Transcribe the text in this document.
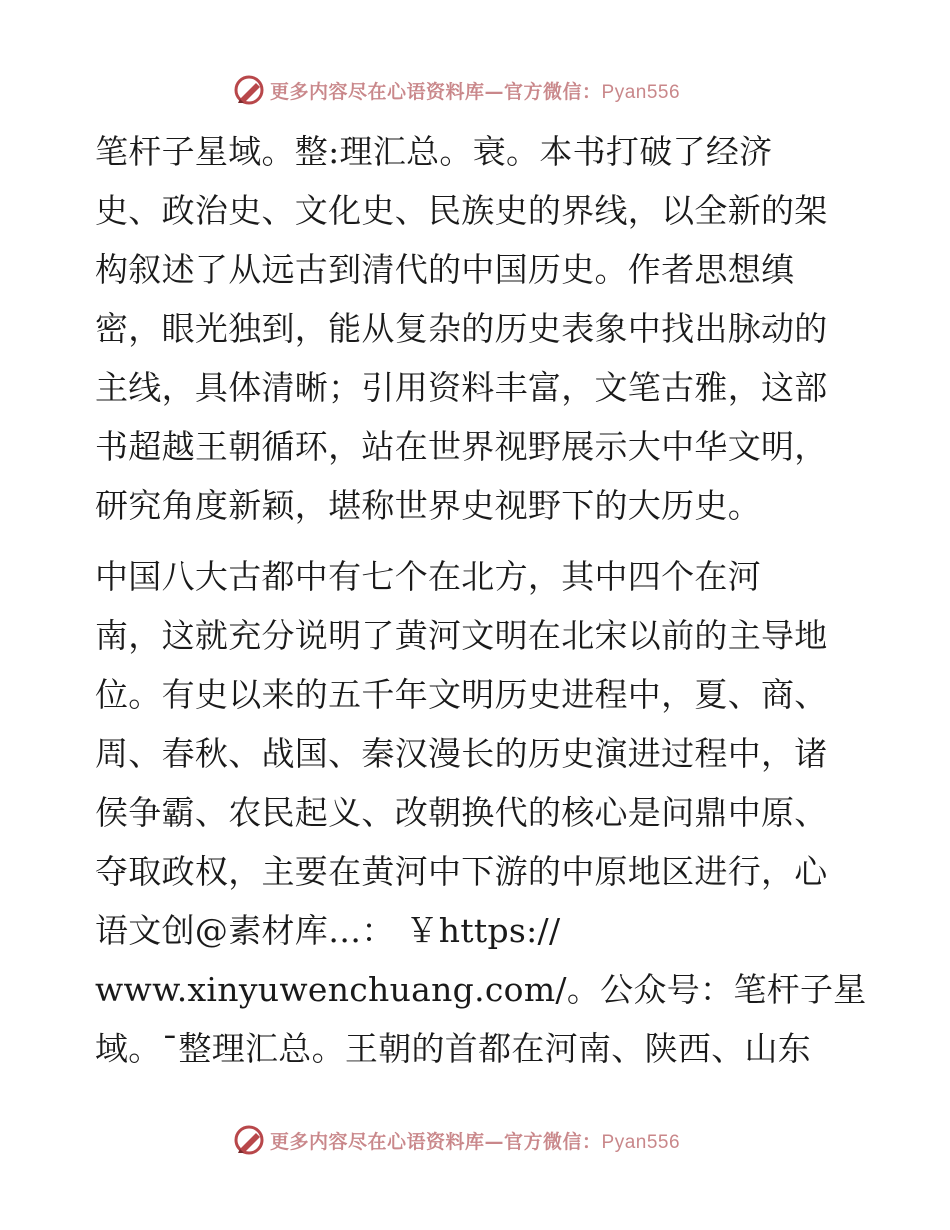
更多内容尽在心语资料库—官方微信：Pyan556
笔杆子星域。整:理汇总。衰。本书打破了经济
史、政治史、文化史、民族史的界线，以全新的架
构叙述了从远古到清代的中国历史。作者思想缜
密，眼光独到，能从复杂的历史表象中找出脉动的
主线，具体清晰；引用资料丰富，文笔古雅，这部
书超越王朝循环，站在世界视野展示大中华文明，
研究角度新颖，堪称世界史视野下的大历史。
中国八大古都中有七个在北方，其中四个在河
南，这就充分说明了黄河文明在北宋以前的主导地
位。有史以来的五千年文明历史进程中，夏、商、
周、春秋、战国、秦汉漫长的历史演进过程中，诸
侯争霸、农民起义、改朝换代的核心是问鼎中原、
夺取政权，主要在黄河中下游的中原地区进行，心
语文创@素材库…： ￥https://
www.xinyuwenchuang.com/。公众号：笔杆子星
域。¯整理汇总。王朝的首都在河南、陕西、山东
更多内容尽在心语资料库—官方微信：Pyan556
